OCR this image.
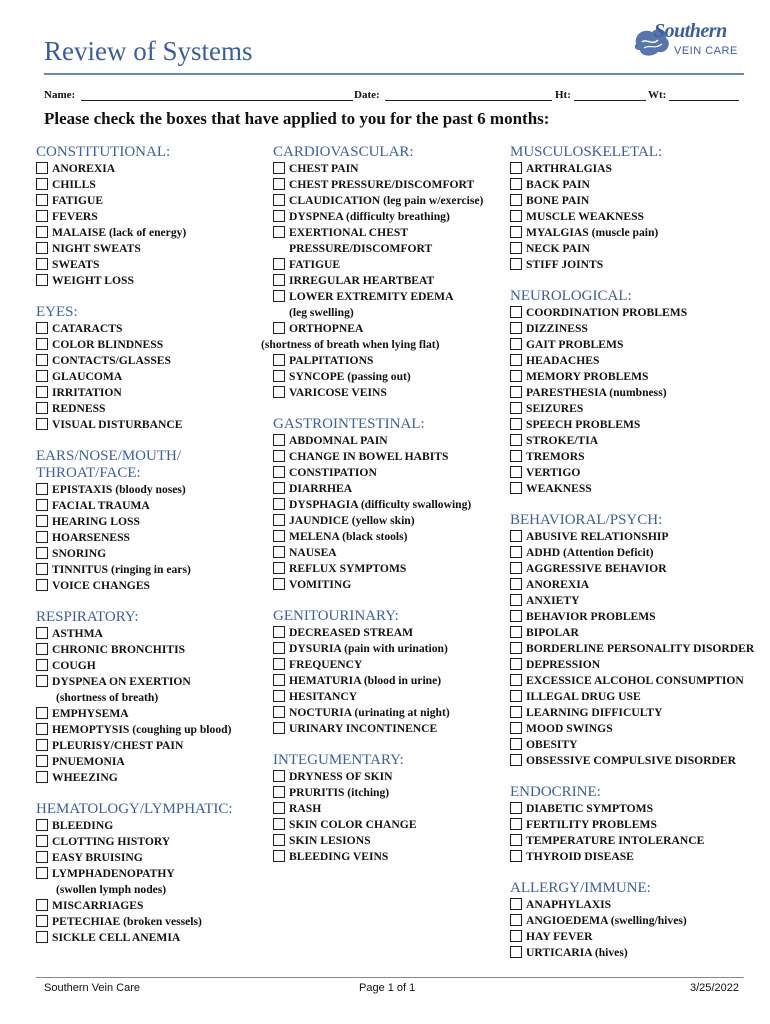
Review of Systems
Southern
VEIN CARE
Name:	Date:	Ht:	Wt:
Please check the boxes that have applied to you for the past 6 months:
CONSTITUTIONAL:
ANOREXIA
CHILLS
FATIGUE
FEVERS
MALAISE (lack of energy)
NIGHT SWEATS
SWEATS
WEIGHT LOSS
EYES:
CATARACTS
COLOR BLINDNESS
CONTACTS/GLASSES
GLAUCOMA
IRRITATION
REDNESS
VISUAL DISTURBANCE
EARS/NOSE/MOUTH/
THROAT/FACE:
EPISTAXIS (bloody noses)
FACIAL TRAUMA
HEARING LOSS
HOARSENESS
SNORING
TINNITUS (ringing in ears)
VOICE CHANGES
RESPIRATORY:
ASTHMA
CHRONIC BRONCHITIS
COUGH
DYSPNEA ON EXERTION
(shortness of breath)
EMPHYSEMA
HEMOPTYSIS (coughing up blood)
PLEURISY/CHEST PAIN
PNUEMONIA
WHEEZING
HEMATOLOGY/LYMPHATIC:
BLEEDING
CLOTTING HISTORY
EASY BRUISING
LYMPHADENOPATHY
(swollen lymph nodes)
MISCARRIAGES
PETECHIAE (broken vessels)
SICKLE CELL ANEMIA
CARDIOVASCULAR:
CHEST PAIN
CHEST PRESSURE/DISCOMFORT
CLAUDICATION (leg pain w/exercise)
DYSPNEA (difficulty breathing)
EXERTIONAL CHEST
PRESSURE/DISCOMFORT
FATIGUE
IRREGULAR HEARTBEAT
LOWER EXTREMITY EDEMA
(leg swelling)
ORTHOPNEA
(shortness of breath when lying flat)
PALPITATIONS
SYNCOPE (passing out)
VARICOSE VEINS
GASTROINTESTINAL:
ABDOMNAL PAIN
CHANGE IN BOWEL HABITS
CONSTIPATION
DIARRHEA
DYSPHAGIA (difficulty swallowing)
JAUNDICE (yellow skin)
MELENA (black stools)
NAUSEA
REFLUX SYMPTOMS
VOMITING
GENITOURINARY:
DECREASED STREAM
DYSURIA (pain with urination)
FREQUENCY
HEMATURIA (blood in urine)
HESITANCY
NOCTURIA (urinating at night)
URINARY INCONTINENCE
INTEGUMENTARY:
DRYNESS OF SKIN
PRURITIS (itching)
RASH
SKIN COLOR CHANGE
SKIN LESIONS
BLEEDING VEINS
MUSCULOSKELETAL:
ARTHRALGIAS
BACK PAIN
BONE PAIN
MUSCLE WEAKNESS
MYALGIAS (muscle pain)
NECK PAIN
STIFF JOINTS
NEUROLOGICAL:
COORDINATION PROBLEMS
DIZZINESS
GAIT PROBLEMS
HEADACHES
MEMORY PROBLEMS
PARESTHESIA (numbness)
SEIZURES
SPEECH PROBLEMS
STROKE/TIA
TREMORS
VERTIGO
WEAKNESS
BEHAVIORAL/PSYCH:
ABUSIVE RELATIONSHIP
ADHD (Attention Deficit)
AGGRESSIVE BEHAVIOR
ANOREXIA
ANXIETY
BEHAVIOR PROBLEMS
BIPOLAR
BORDERLINE PERSONALITY DISORDER
DEPRESSION
EXCESSICE ALCOHOL CONSUMPTION
ILLEGAL DRUG USE
LEARNING DIFFICULTY
MOOD SWINGS
OBESITY
OBSESSIVE COMPULSIVE DISORDER
ENDOCRINE:
DIABETIC SYMPTOMS
FERTILITY PROBLEMS
TEMPERATURE INTOLERANCE
THYROID DISEASE
ALLERGY/IMMUNE:
ANAPHYLAXIS
ANGIOEDEMA (swelling/hives)
HAY FEVER
URTICARIA (hives)
Southern Vein Care	Page 1 of 1	3/25/2022
